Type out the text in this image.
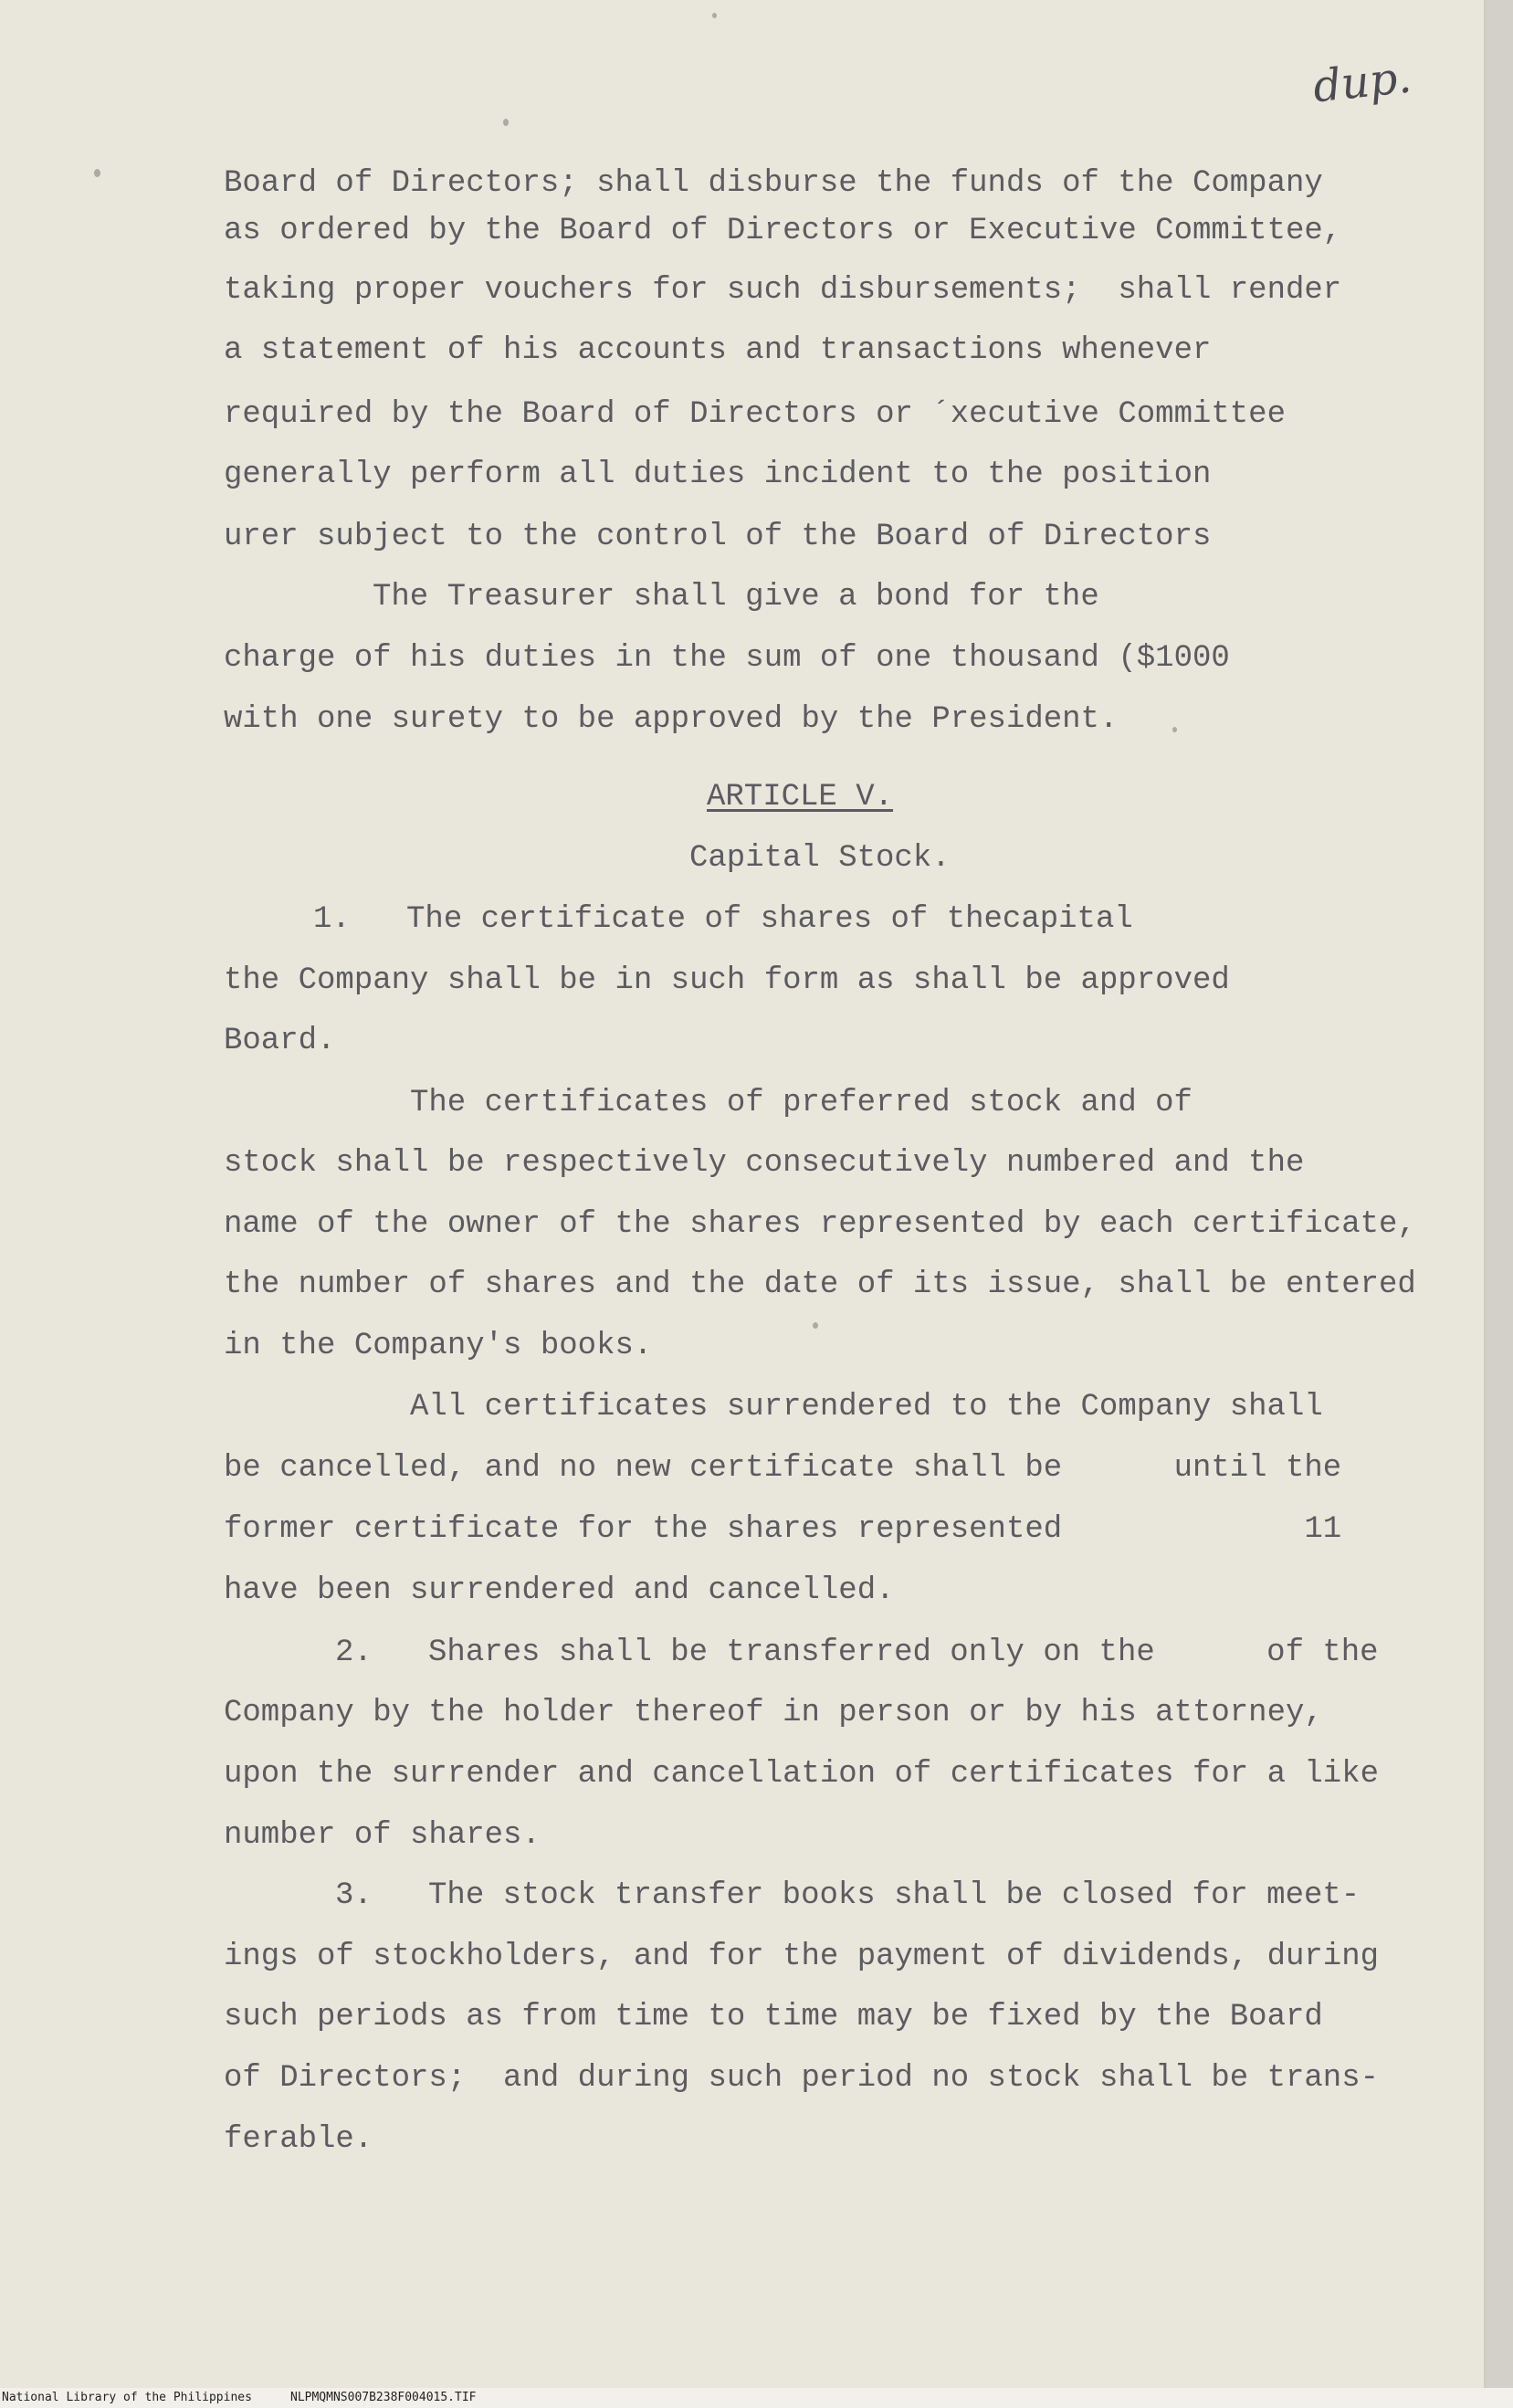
dup.
Board of Directors; shall disburse the funds of the Company
as ordered by the Board of Directors or Executive Committee,
taking proper vouchers for such disbursements;  shall render
a statement of his accounts and transactions whenever
required by the Board of Directors or ´xecutive Committee
generally perform all duties incident to the position
urer subject to the control of the Board of Directors
The Treasurer shall give a bond for the
charge of his duties in the sum of one thousand ($1000
with one surety to be approved by the President.
ARTICLE V.
Capital Stock.
1.   The certificate of shares of thecapital
the Company shall be in such form as shall be approved
Board.
The certificates of preferred stock and of
stock shall be respectively consecutively numbered and the
name of the owner of the shares represented by each certificate,
the number of shares and the date of its issue, shall be entered
in the Company's books.
All certificates surrendered to the Company shall
be cancelled, and no new certificate shall be      until the
former certificate for the shares represented             11
have been surrendered and cancelled.
2.   Shares shall be transferred only on the      of the
Company by the holder thereof in person or by his attorney,
upon the surrender and cancellation of certificates for a like
number of shares.
3.   The stock transfer books shall be closed for meet-
ings of stockholders, and for the payment of dividends, during
such periods as from time to time may be fixed by the Board
of Directors;  and during such period no stock shall be trans-
ferable.
National Library of the Philippines	NLPMQMNS007B238F004015.TIF
